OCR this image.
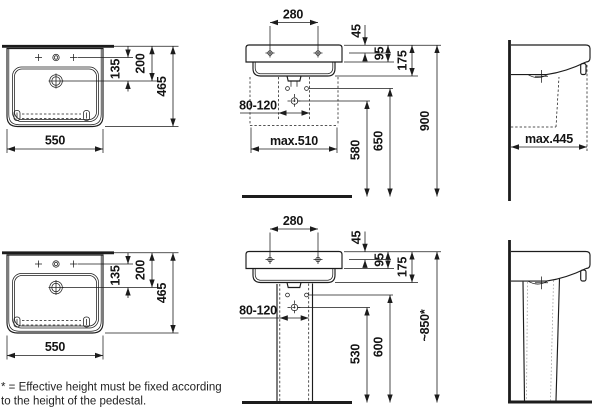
135 200
465
550
135 200
465
550
280
45
95 175
900
650
580
80-120
max.510
280
45
95 175
~850*
600
530
80-120
max.445
* = Effective height must be fixed according
to the height of the pedestal.
